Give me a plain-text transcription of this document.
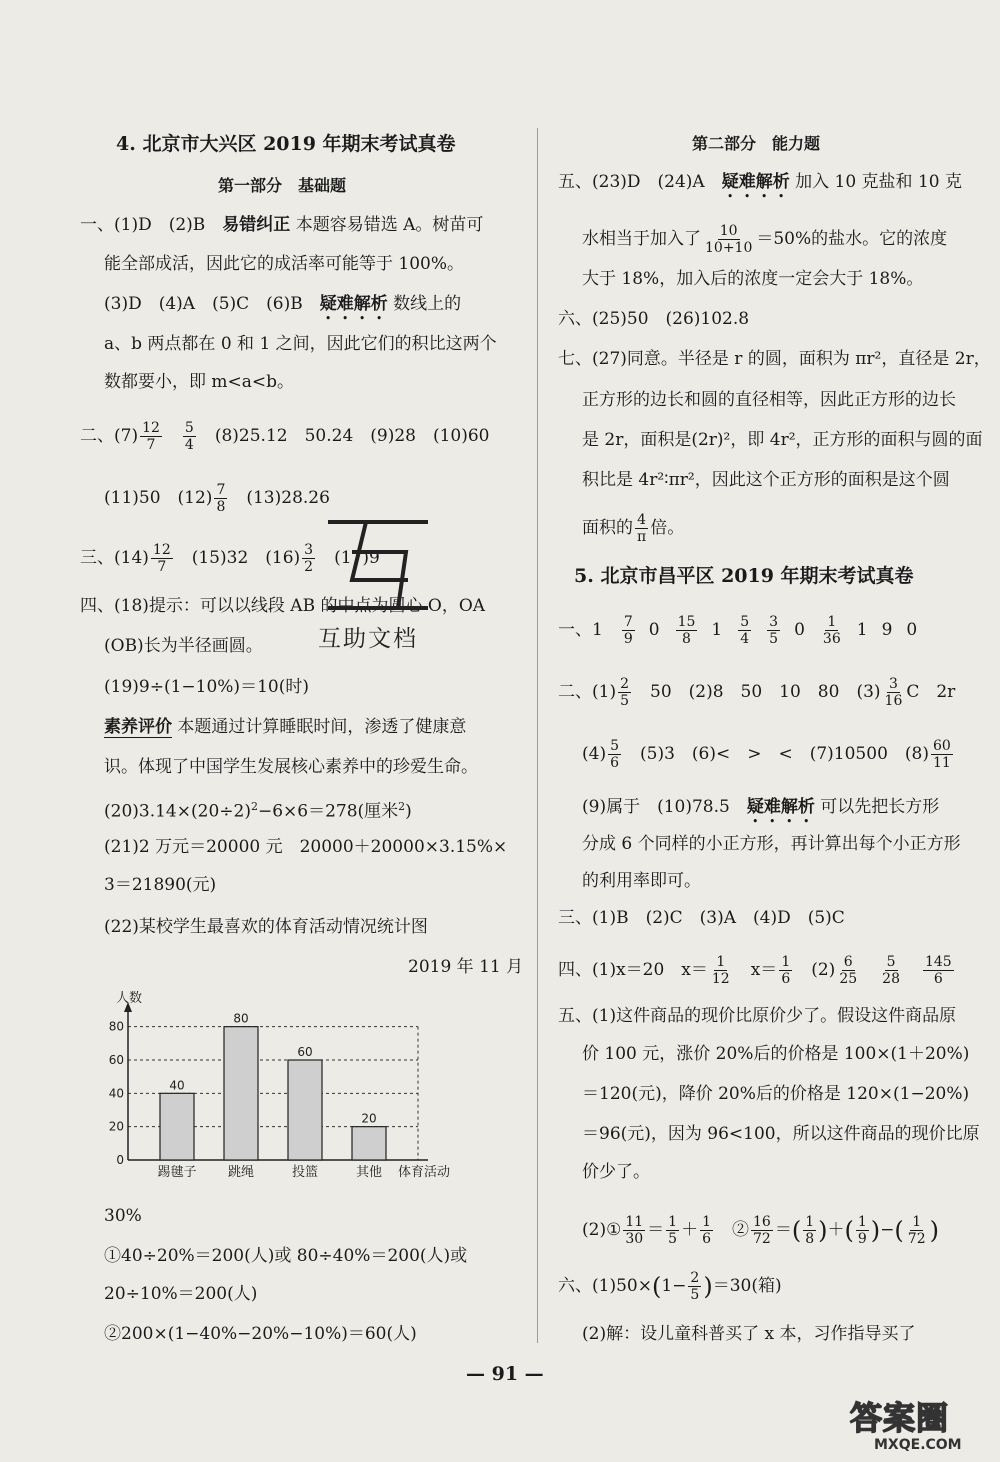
4. 北京市大兴区 2019 年期末考试真卷
第一部分　基础题
一、(1)D　(2)B　易错纠正 本题容易错选 A。树苗可
能全部成活，因此它的成活率可能等于 100%。
(3)D　(4)A　(5)C　(6)B　疑难解析 数线上的
a、b 两点都在 0 和 1 之间，因此它们的积比这两个
数都要小，即 m<a<b。
二、$(7) \frac{12}{7}$
　 $\frac{5}{4}$ 　(8)25.12　50.24　(9)28　(10)60
(11)50　$(12) \frac{7}{8}$ 　(13)28.26
三、$(14) \frac{12}{7}$ 　(15)32　$(16) \frac{3}{2}$ 　(17)9
四、(18)提示：可以以线段 AB 的中点为圆心 O，OA
(OB)长为半径画圆。
(19)9÷(1−10%)＝10(时)
素养评价 本题通过计算睡眠时间，渗透了健康意
识。体现了中国学生发展核心素养中的珍爱生命。
$(20)3.14\times(20\div 2)^2-6\times 6=278$(厘米$^2$)
(21)2 万元＝20000 元　20000＋20000×3.15%×
3＝21890(元)
(22)某校学生最喜欢的体育活动情况统计图
2019 年 11 月
30%
①40÷20%＝200(人)或 80÷40%＝200(人)或
20÷10%＝200(人)
②200×(1−40%−20%−10%)＝60(人)
0
20
40
60
80
人数
40
踢毽子
80
跳绳
60
投篮
20
其他 体育活动
互助文档
第二部分　能力题
五、(23)D　(24)A　疑难解析 加入 10 克盐和 10 克
水相当于加入了 $\frac{10}{10+10} =50\%$的盐水。它的浓度
大于 18%，加入后的浓度一定会大于 18%。
六、(25)50　(26)102.8
七、(27)同意。半径是 r 的圆，面积为 πr²，直径是 2r，
正方形的边长和圆的直径相等，因此正方形的边长
是 2r，面积是(2r)²，即 4r²，正方形的面积与圆的面
积比是 4r²∶πr²，因此这个正方形的面积是这个圆
面积的 $\frac{4}{\pi}$ 倍。
5. 北京市昌平区 2019 年期末考试真卷
一、1　 $\frac{7}{9} 0 \frac{15}{8} 1 \frac{5}{4} \frac{3}{5} 0 \frac{1}{36} 1$ 9 0
二、$(1) \frac{2}{5}$ 　50　(2)8　50　10　80　$(3) \frac{3}{16}$ C　2r
$(4) \frac{5}{6}$ 　(5)3　(6)<　>　<　(7)10500　$(8) \frac{60}{11}$
(9)属于　(10)78.5　疑难解析 可以先把长方形
分成 6 个同样的小正方形，再计算出每个小正方形
的利用率即可。
三、(1)B　(2)C　(3)A　(4)D　(5)C
四、(1)x＝20　$x= \frac{1}{12}$ 　$x= \frac{1}{6}$ 　$(2) \frac{6}{25}$
　 $\frac{5}{28}$
　 $\frac{145}{6}$
五、(1)这件商品的现价比原价少了。假设这件商品原
价 100 元，涨价 20%后的价格是 100×(1＋20%)
＝120(元)，降价 20%后的价格是 120×(1−20%)
＝96(元)，因为 96<100，所以这件商品的现价比原
价少了。
(2)① $\frac{11}{30} = \frac{1}{5} + \frac{1}{6}$ 　② $\frac{16}{72}$ ＝( $\frac{1}{8}$ )＋( $\frac{1}{9}$ )−( $\frac{1}{72}$ )
六、$(1)50\times(1- \frac{2}{5} )=30$(箱)
(2)解：设儿童科普买了 x 本，习作指导买了
— 91 —
答案圈
MXQE.COM
